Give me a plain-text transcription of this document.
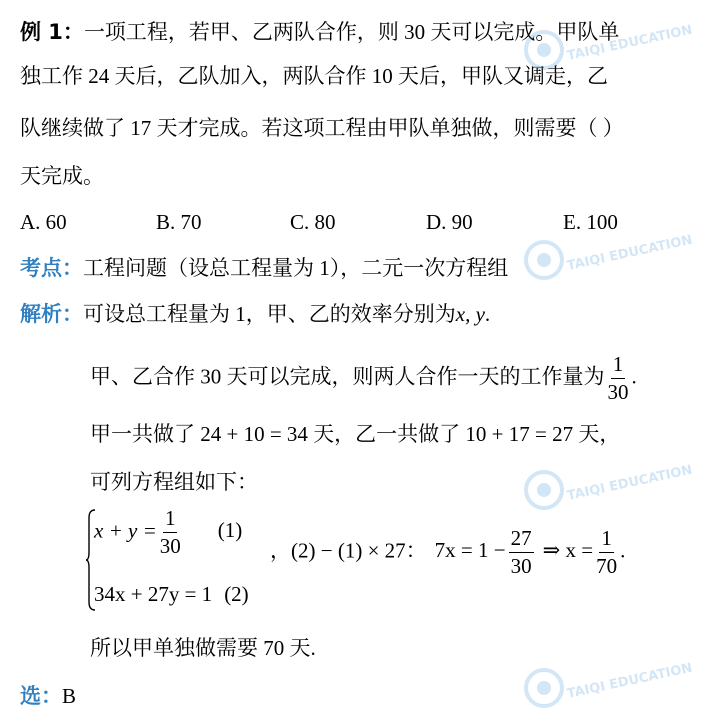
例 1：一项工程，若甲、乙两队合作，则 30 天可以完成。甲队单
独工作 24 天后，乙队加入，两队合作 10 天后，甲队又调走，乙
队继续做了 17 天才完成。若这项工程由甲队单独做，则需要（ ）
天完成。
A. 60	B. 70	C. 80	D. 90	E. 100
考点：工程问题（设总工程量为 1），二元一次方程组
解析：可设总工程量为 1，甲、乙的效率分别为x, y.
甲、乙合作 30 天可以完成，则两人合作一天的工作量为 $\frac{1}{30}$ .
甲一共做了 24 + 10 = 34 天，乙一共做了 10 + 17 = 27 天，
可列方程组如下：
$x + y = \frac{1}{30} (1)$
34x + 27y = 1 (2)
，(2) − (1) × 27： $7x = 1 - \frac{27}{30}$ ⇒ $x = \frac{1}{70}$ .
所以甲单独做需要 70 天.
选：B
TAIQI EDUCATION
TAIQI EDUCATION
TAIQI EDUCATION
TAIQI EDUCATION
